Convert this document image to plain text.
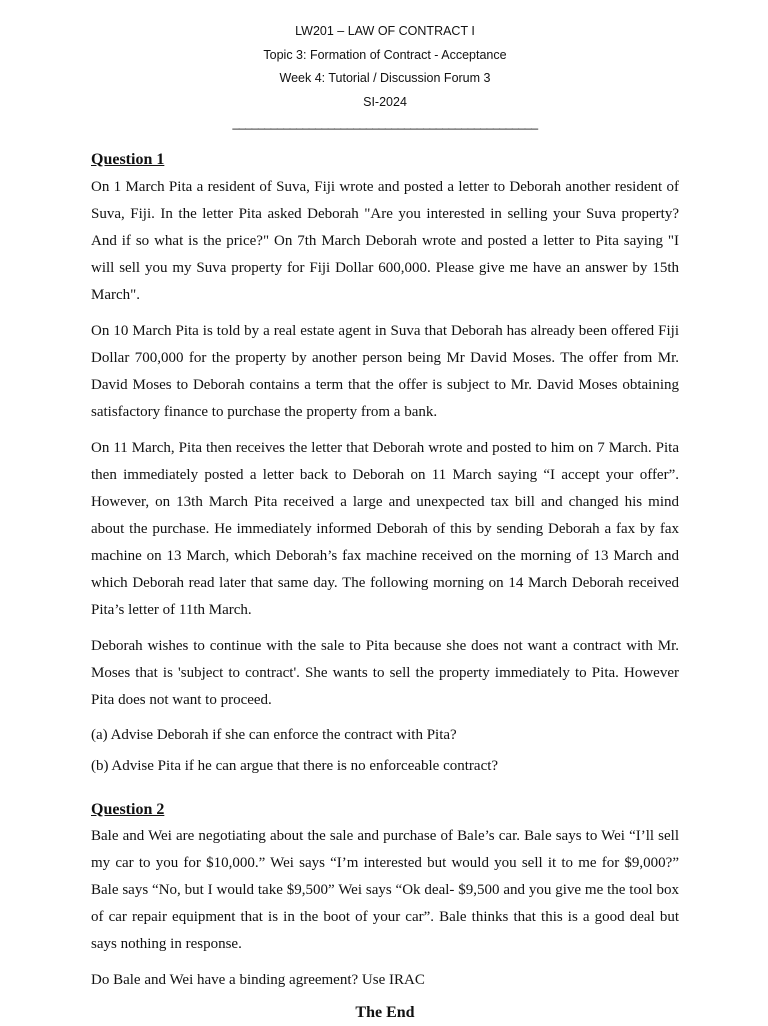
LW201 – LAW OF CONTRACT I
Topic 3: Formation of Contract - Acceptance
Week 4: Tutorial / Discussion Forum 3
SI-2024
________________________________________________
Question 1

On 1 March Pita a resident of Suva, Fiji wrote and posted a letter to Deborah another resident of Suva, Fiji. In the letter Pita asked Deborah "Are you interested in selling your Suva property? And if so what is the price?" On 7th March Deborah wrote and posted a letter to Pita saying "I will sell you my Suva property for Fiji Dollar 600,000. Please give me have an answer by 15th March".

On 10 March Pita is told by a real estate agent in Suva that Deborah has already been offered Fiji Dollar 700,000 for the property by another person being Mr David Moses. The offer from Mr. David Moses to Deborah contains a term that the offer is subject to Mr. David Moses obtaining satisfactory finance to purchase the property from a bank.

On 11 March, Pita then receives the letter that Deborah wrote and posted to him on 7 March. Pita then immediately posted a letter back to Deborah on 11 March saying “I accept your offer”. However, on 13th March Pita received a large and unexpected tax bill and changed his mind about the purchase. He immediately informed Deborah of this by sending Deborah a fax by fax machine on 13 March, which Deborah’s fax machine received on the morning of 13 March and which Deborah read later that same day. The following morning on 14 March Deborah received Pita’s letter of 11th March.

Deborah wishes to continue with the sale to Pita because she does not want a contract with Mr. Moses that is 'subject to contract'. She wants to sell the property immediately to Pita. However Pita does not want to proceed.

(a) Advise Deborah if she can enforce the contract with Pita?

(b) Advise Pita if he can argue that there is no enforceable contract?

Question 2

Bale and Wei are negotiating about the sale and purchase of Bale’s car. Bale says to Wei “I’ll sell my car to you for $10,000.” Wei says “I’m interested but would you sell it to me for $9,000?” Bale says “No, but I would take $9,500” Wei says “Ok deal- $9,500 and you give me the tool box of car repair equipment that is in the boot of your car”. Bale thinks that this is a good deal but says nothing in response.

Do Bale and Wei have a binding agreement? Use IRAC

The End
